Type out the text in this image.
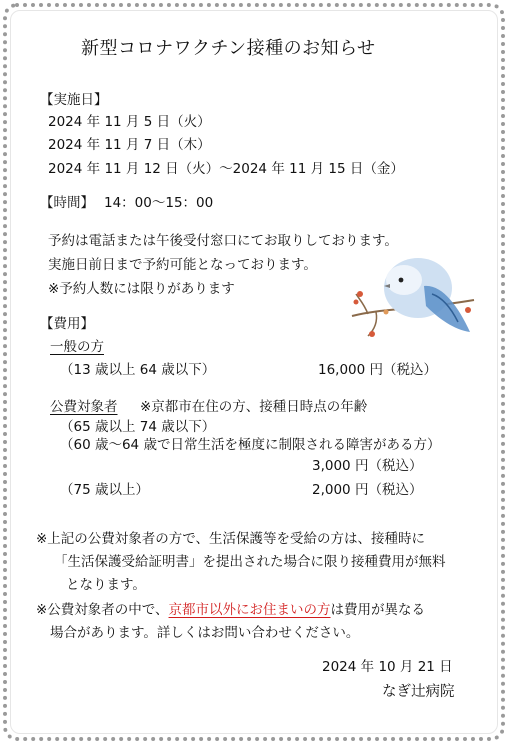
新型コロナワクチン接種のお知らせ
【実施日】
2024 年 11 月 5 日（火）
2024 年 11 月 7 日（木）
2024 年 11 月 12 日（火）～2024 年 11 月 15 日（金）
【時間】 14：00～15：00
予約は電話または午後受付窓口にてお取りしております。
実施日前日まで予約可能となっております。
※予約人数には限りがあります
【費用】
一般の方
（13 歳以上 64 歳以下）	16,000 円（税込）
公費対象者 ※京都市在住の方、接種日時点の年齢
（65 歳以上 74 歳以下）
（60 歳～64 歳で日常生活を極度に制限される障害がある方）
3,000 円（税込）
（75 歳以上）	2,000 円（税込）
※上記の公費対象者の方で、生活保護等を受給の方は、接種時に
「生活保護受給証明書」を提出された場合に限り接種費用が無料
となります。
※公費対象者の中で、京都市以外にお住まいの方は費用が異なる
場合があります。詳しくはお問い合わせください。
2024 年 10 月 21 日
なぎ辻病院
